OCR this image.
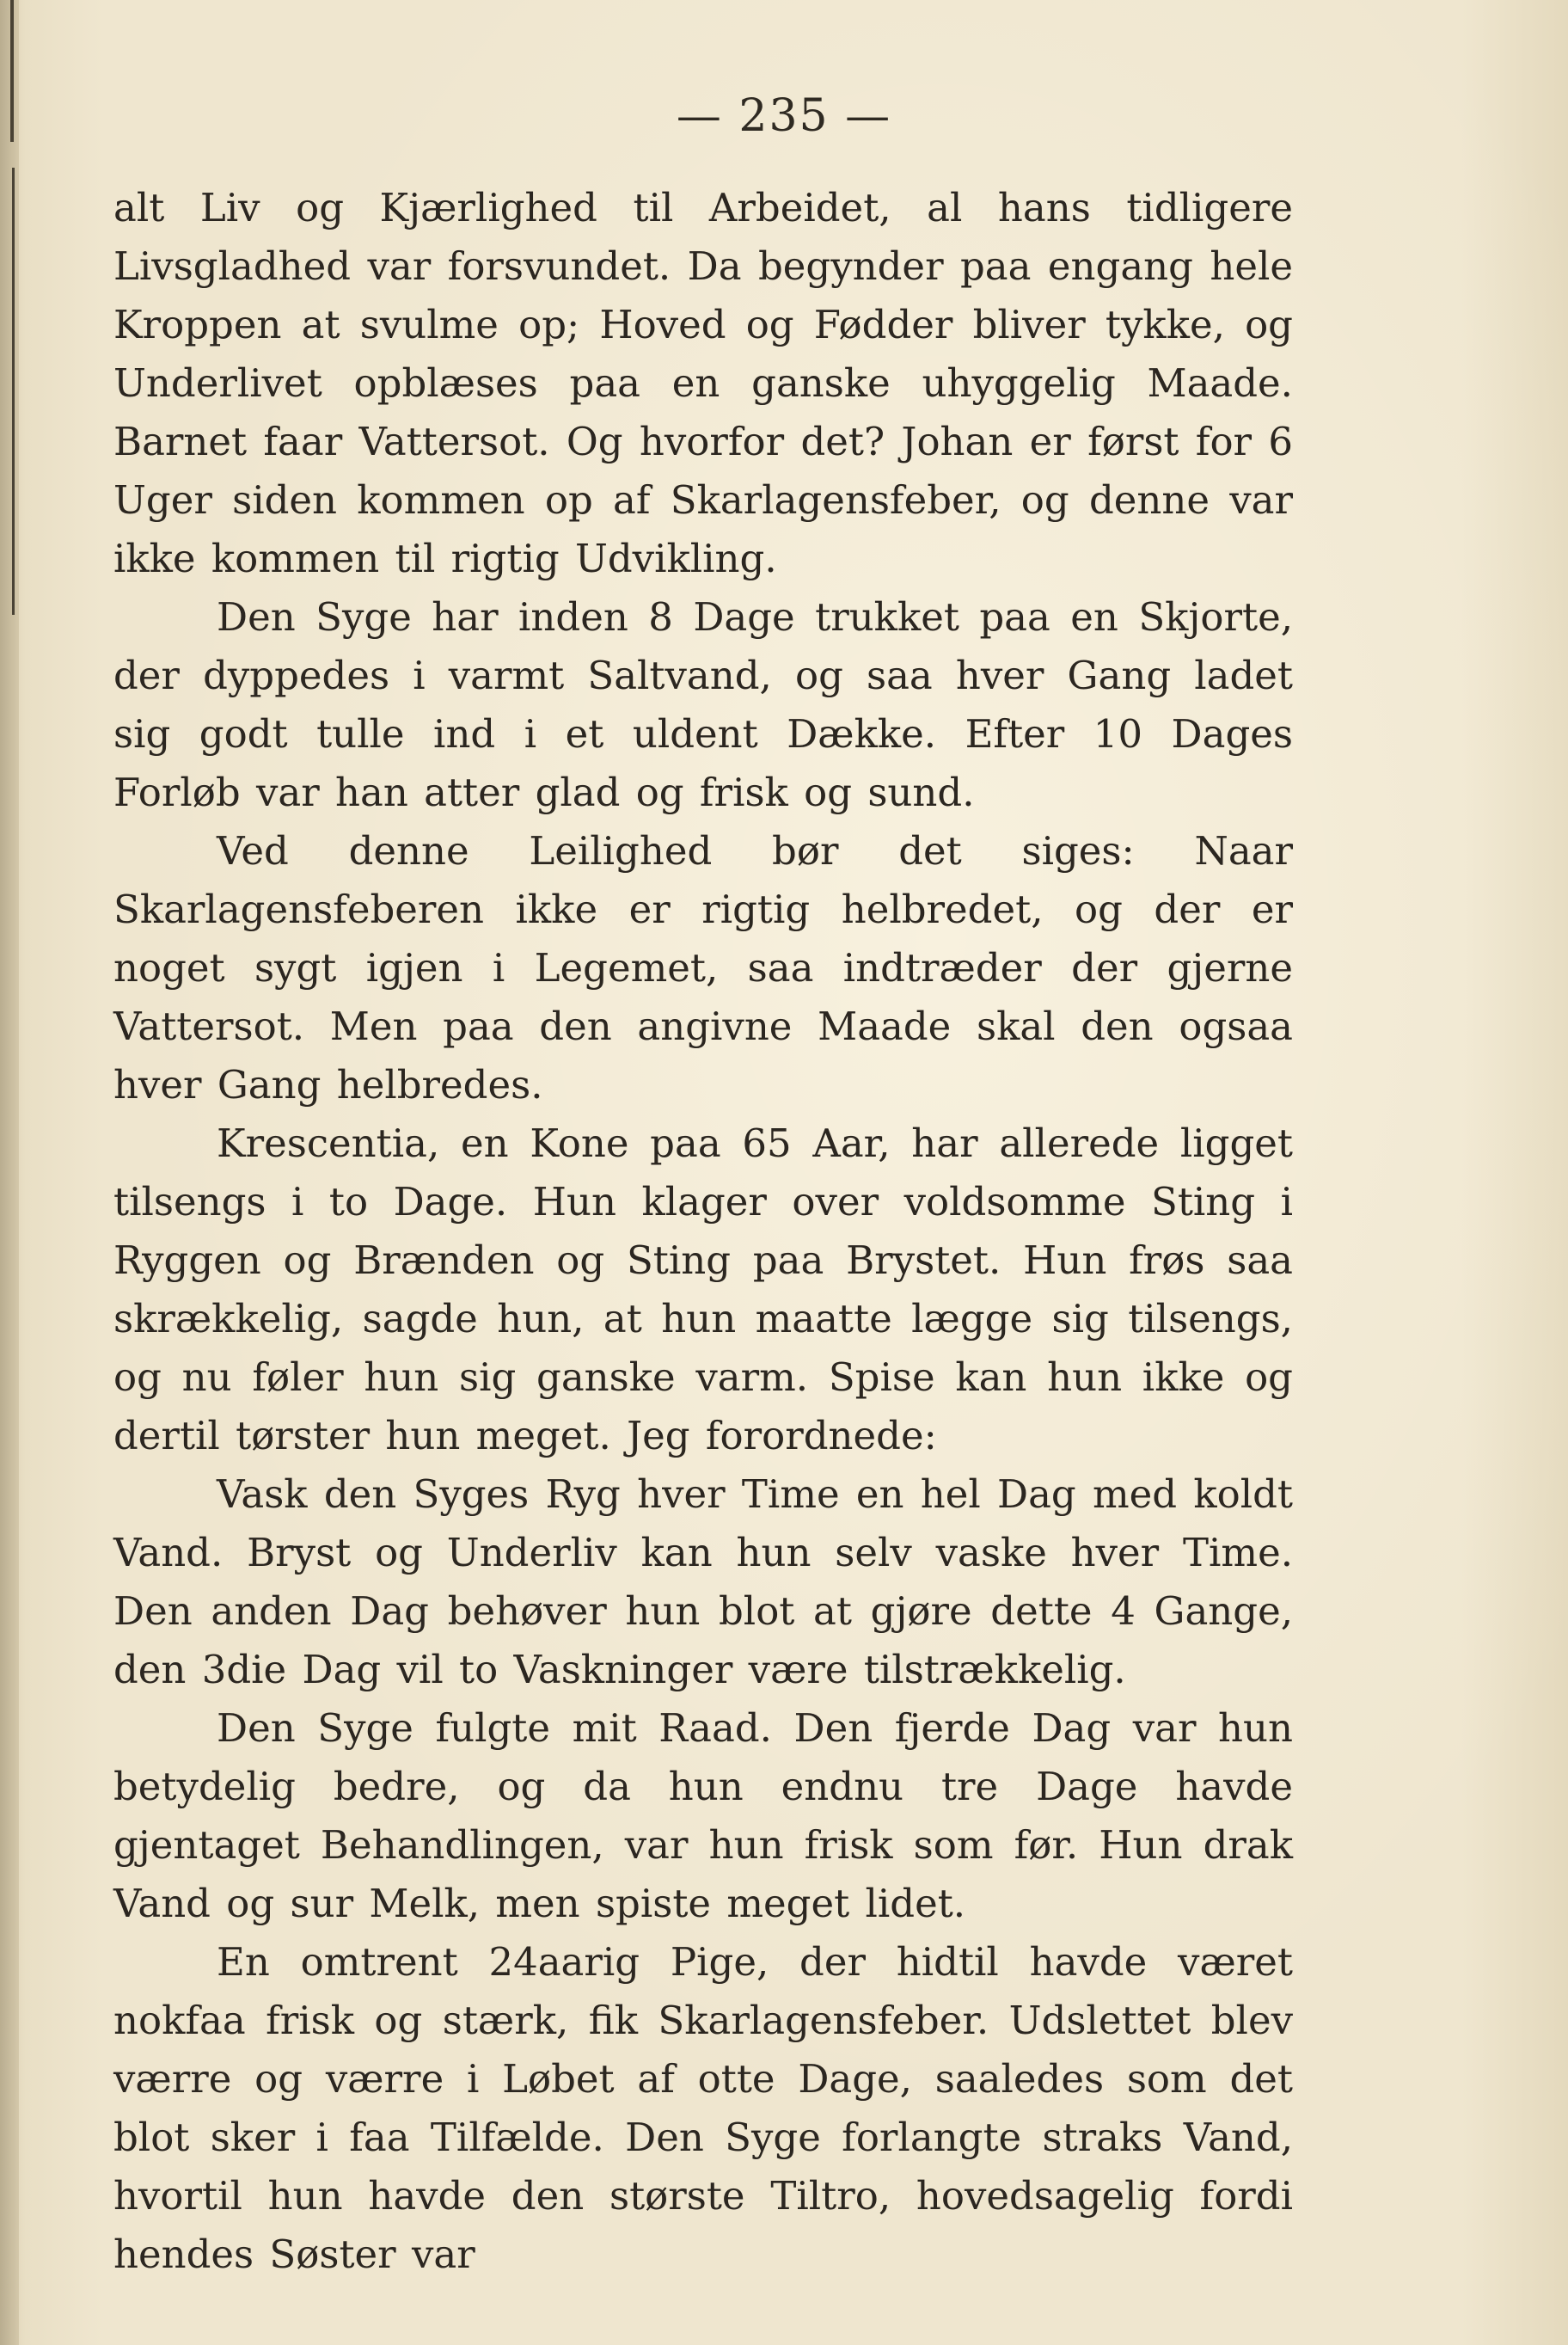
— 235 —

alt Liv og Kjærlighed til Arbeidet, al hans tidligere Livsgladhed var forsvundet. Da begynder paa engang hele Kroppen at svulme op; Hoved og Fødder bliver tykke, og Underlivet opblæses paa en ganske uhyggelig Maade. Barnet faar Vattersot. Og hvorfor det? Johan er først for 6 Uger siden kommen op af Skarlagensfeber, og denne var ikke kommen til rigtig Udvikling.

Den Syge har inden 8 Dage trukket paa en Skjorte, der dyppedes i varmt Saltvand, og saa hver Gang ladet sig godt tulle ind i et uldent Dække. Efter 10 Dages Forløb var han atter glad og frisk og sund.

Ved denne Leilighed bør det siges: Naar Skarlagensfeberen ikke er rigtig helbredet, og der er noget sygt igjen i Legemet, saa indtræder der gjerne Vattersot. Men paa den angivne Maade skal den ogsaa hver Gang helbredes.

Krescentia, en Kone paa 65 Aar, har allerede ligget tilsengs i to Dage. Hun klager over voldsomme Sting i Ryggen og Brænden og Sting paa Brystet. Hun frøs saa skrækkelig, sagde hun, at hun maatte lægge sig tilsengs, og nu føler hun sig ganske varm. Spise kan hun ikke og dertil tørster hun meget. Jeg forordnede:

Vask den Syges Ryg hver Time en hel Dag med koldt Vand. Bryst og Underliv kan hun selv vaske hver Time. Den anden Dag behøver hun blot at gjøre dette 4 Gange, den 3die Dag vil to Vaskninger være tilstrækkelig.

Den Syge fulgte mit Raad. Den fjerde Dag var hun betydelig bedre, og da hun endnu tre Dage havde gjentaget Behandlingen, var hun frisk som før. Hun drak Vand og sur Melk, men spiste meget lidet.

En omtrent 24aarig Pige, der hidtil havde været nokfaa frisk og stærk, fik Skarlagensfeber. Udslettet blev værre og værre i Løbet af otte Dage, saaledes som det blot sker i faa Tilfælde. Den Syge forlangte straks Vand, hvortil hun havde den største Tiltro, hovedsagelig fordi hendes Søster var
